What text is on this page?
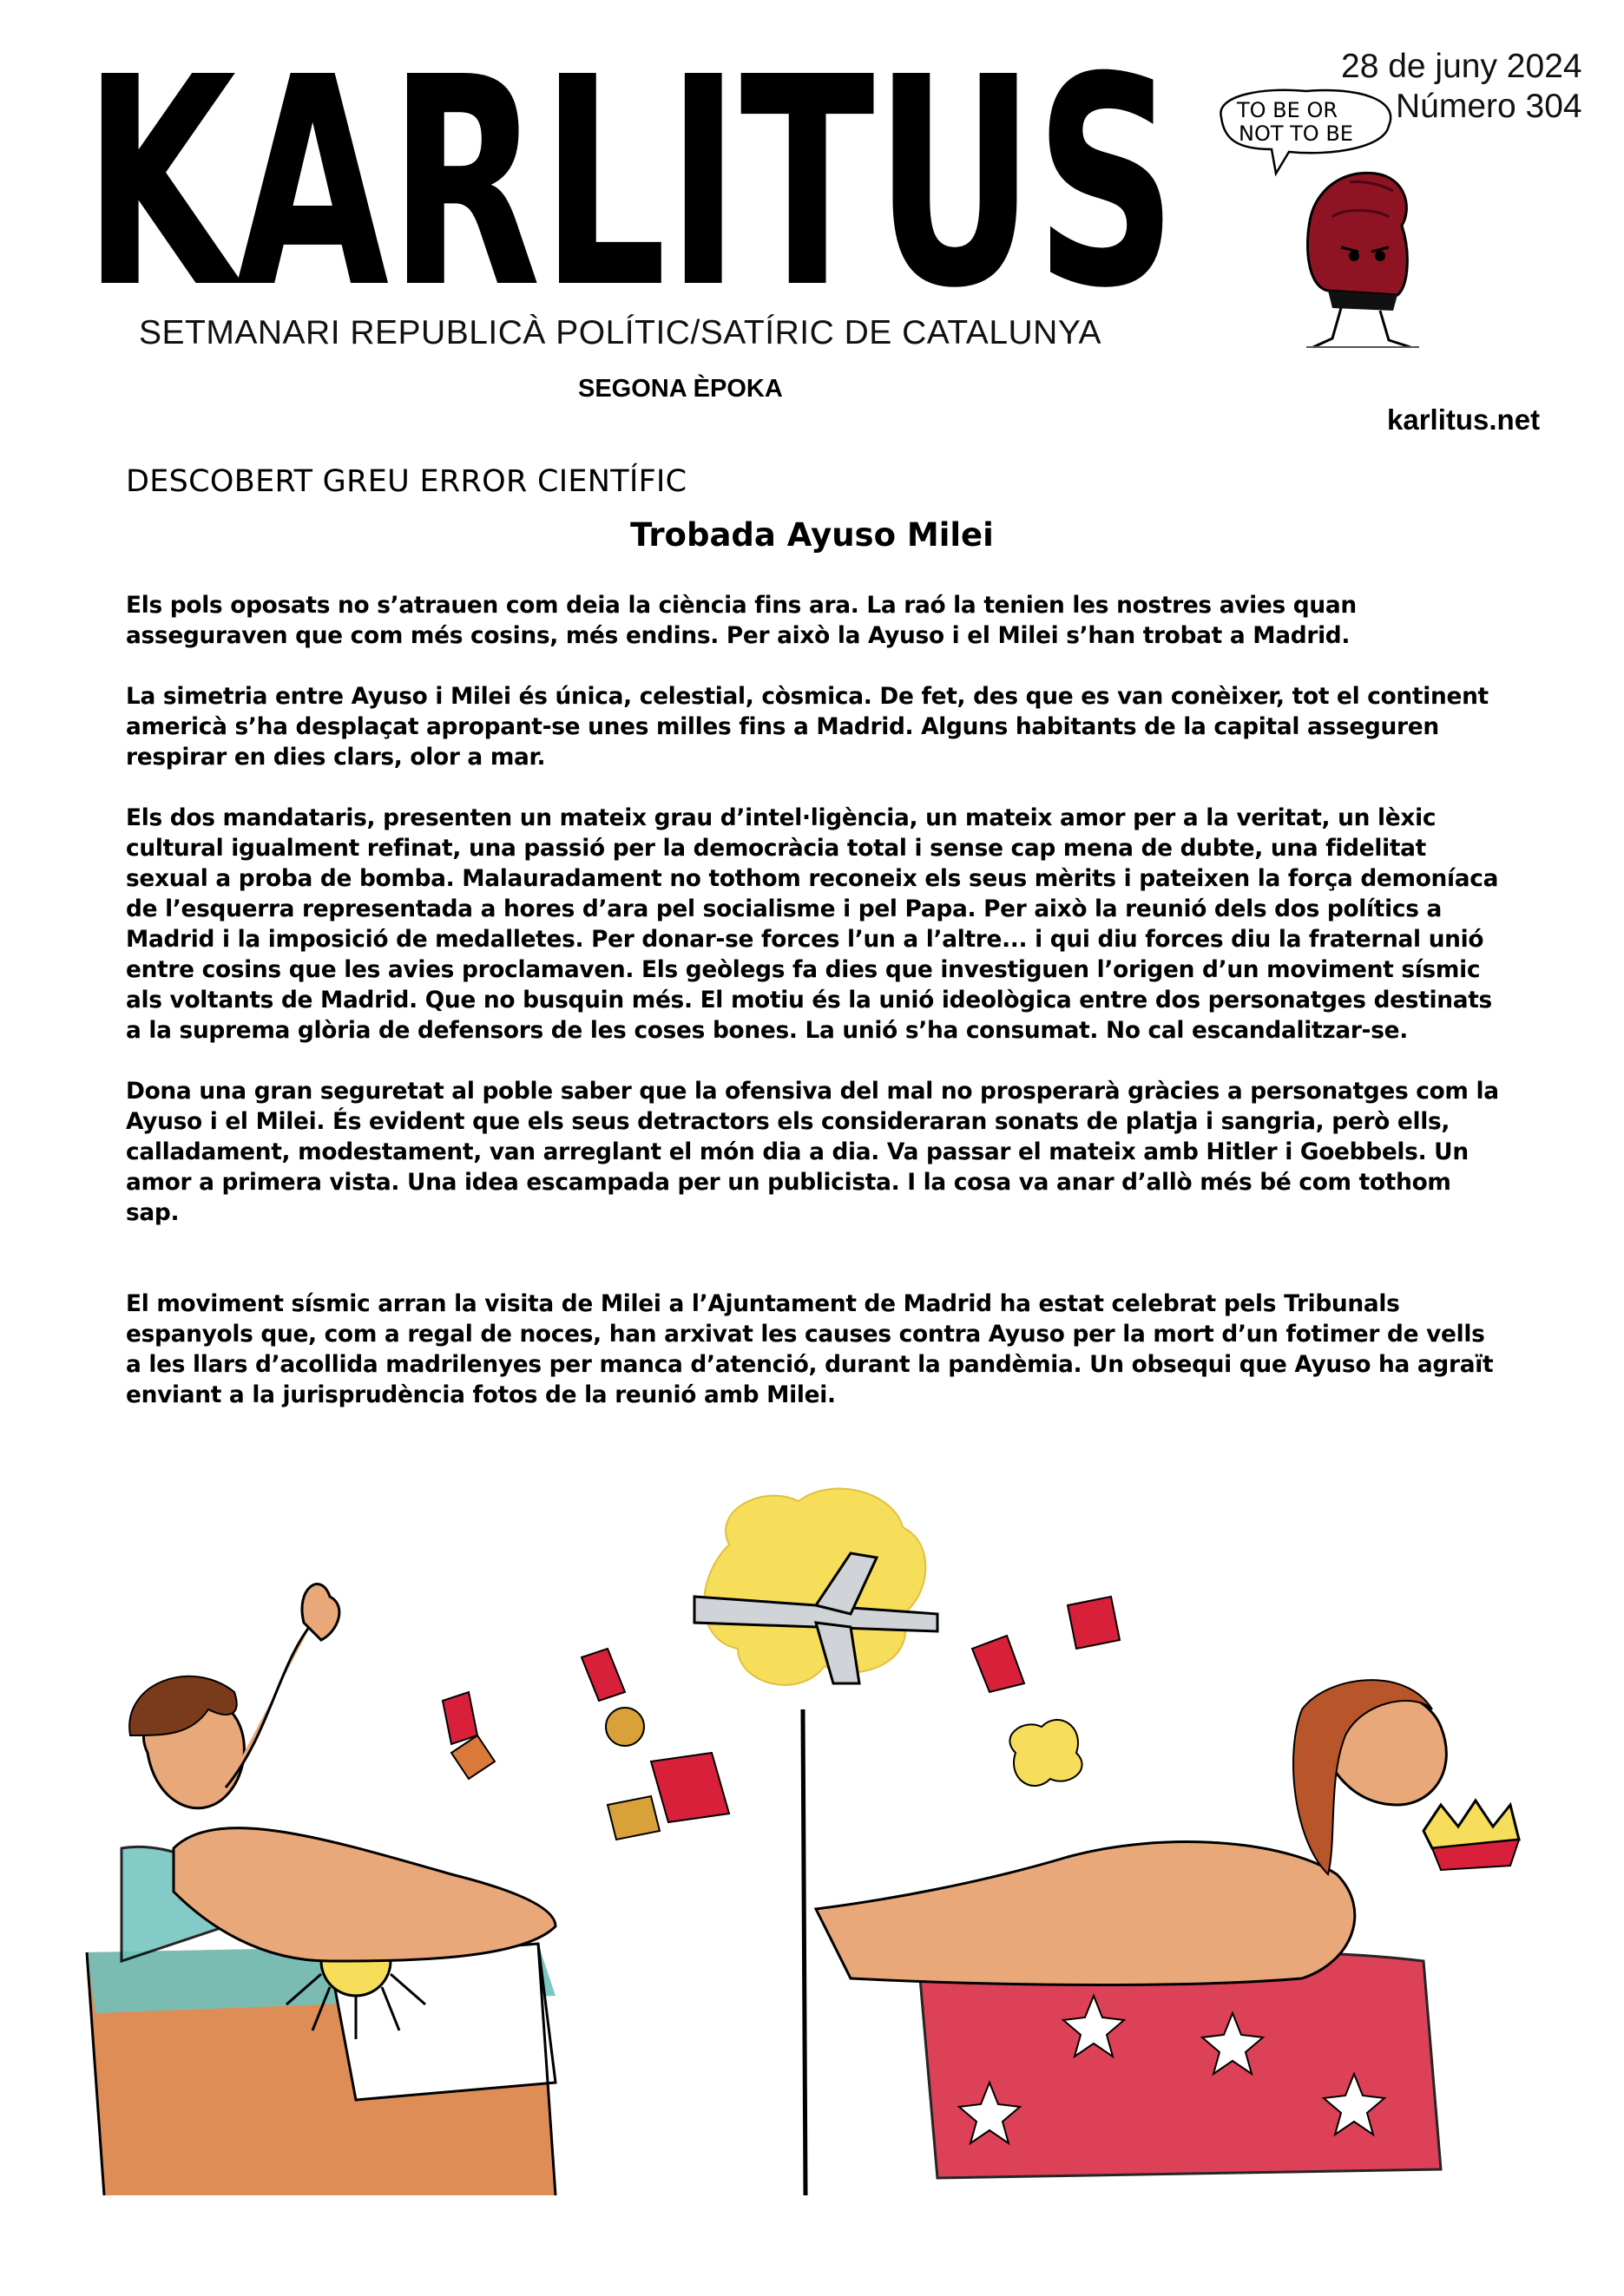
KARLITUS	28 de juny 2024
Número 304
TO BE OR
NOT TO BE
SETMANARI REPUBLICÀ POLÍTIC/SATÍRIC DE CATALUNYA
SEGONA ÈPOKA
karlitus.net
DESCOBERT GREU ERROR CIENTÍFIC
Trobada Ayuso Milei

Els pols oposats no s’atrauen com deia la ciència fins ara. La raó la tenien les nostres avies quan asseguraven que com més cosins, més endins. Per això la Ayuso i el Milei s’han trobat a Madrid.

La simetria entre Ayuso i Milei és única, celestial, còsmica. De fet, des que es van conèixer, tot el continent americà s’ha desplaçat apropant-se unes milles fins a Madrid. Alguns habitants de la capital asseguren respirar en dies clars, olor a mar.

Els dos mandataris, presenten un mateix grau d’intel·ligència, un mateix amor per a la veritat, un lèxic cultural igualment refinat, una passió per la democràcia total i sense cap mena de dubte, una fidelitat sexual a proba de bomba. Malauradament no tothom reconeix els seus mèrits i pateixen la força demoníaca de l’esquerra representada a hores d’ara pel socialisme i pel Papa. Per això la reunió dels dos polítics a Madrid i la imposició de medalletes. Per donar-se forces l’un a l’altre... i qui diu forces diu la fraternal unió entre cosins que les avies proclamaven. Els geòlegs fa dies que investiguen l’origen d’un moviment sísmic als voltants de Madrid. Que no busquin més. El motiu és la unió ideològica entre dos personatges destinats a la suprema glòria de defensors de les coses bones. La unió s’ha consumat. No cal escandalitzar-se.

Dona una gran seguretat al poble saber que la ofensiva del mal no prosperarà gràcies a personatges com la Ayuso i el Milei. És evident que els seus detractors els consideraran sonats de platja i sangria, però ells, calladament, modestament, van arreglant el món dia a dia. Va passar el mateix amb Hitler i Goebbels. Un amor a primera vista. Una idea escampada per un publicista. I la cosa va anar d’allò més bé com tothom sap.

El moviment sísmic arran la visita de Milei a l’Ajuntament de Madrid ha estat celebrat pels Tribunals espanyols que, com a regal de noces, han arxivat les causes contra Ayuso per la mort d’un fotimer de vells a les llars d’acollida madrilenyes per manca d’atenció, durant la pandèmia. Un obsequi que Ayuso ha agraït enviant a la jurisprudència fotos de la reunió amb Milei.
